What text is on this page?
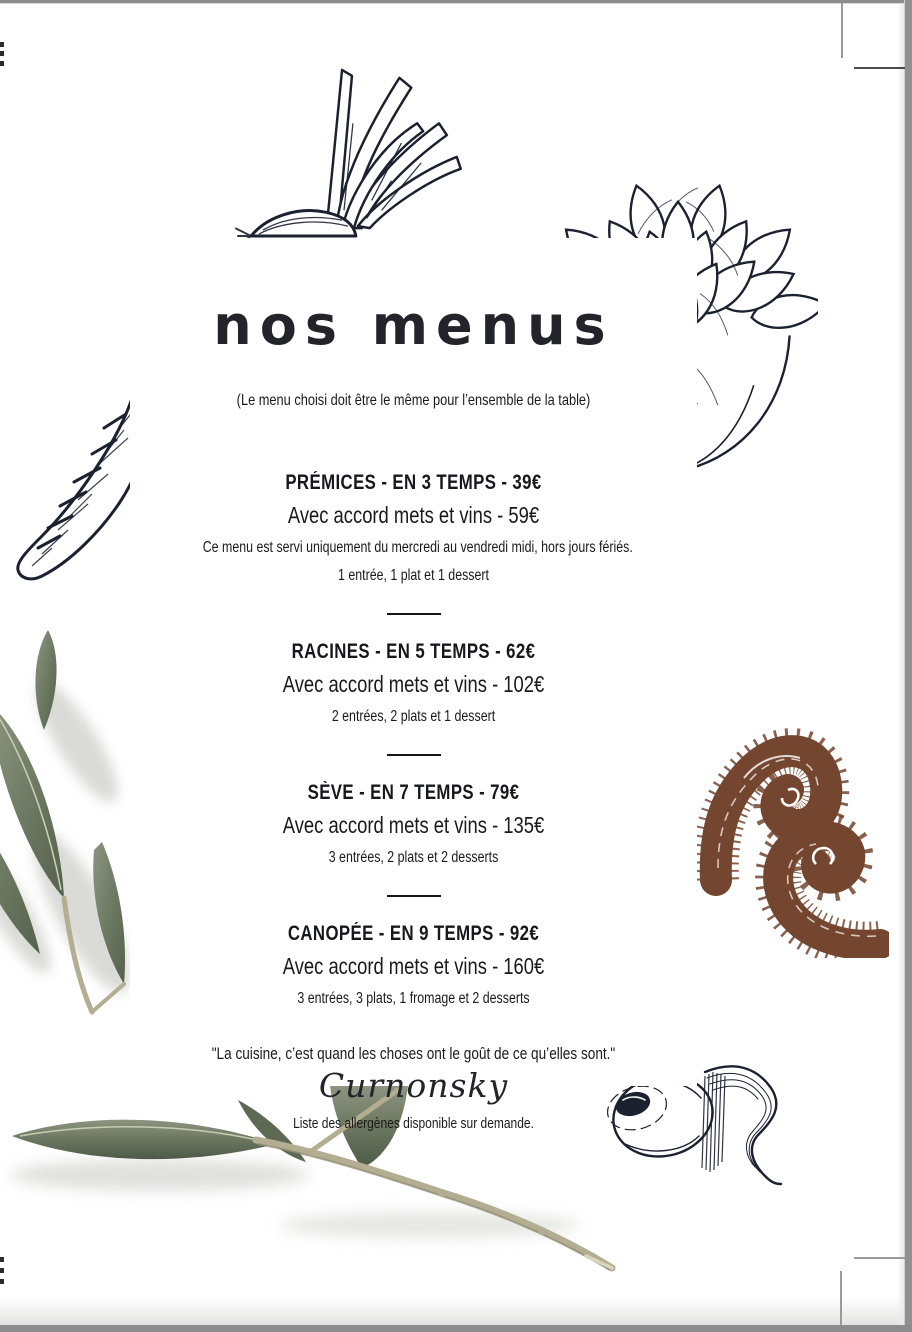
nos menus
(Le menu choisi doit être le même pour l’ensemble de la table)
PRÉMICES - EN 3 TEMPS - 39€
Avec accord mets et vins - 59€
Ce menu est servi uniquement du mercredi au vendredi midi, hors jours fériés.
1 entrée, 1 plat et 1 dessert
RACINES - EN 5 TEMPS - 62€
Avec accord mets et vins - 102€
2 entrées, 2 plats et 1 dessert
SÈVE - EN 7 TEMPS - 79€
Avec accord mets et vins - 135€
3 entrées, 2 plats et 2 desserts
CANOPÉE - EN 9 TEMPS - 92€
Avec accord mets et vins - 160€
3 entrées, 3 plats, 1 fromage et 2 desserts
"La cuisine, c’est quand les choses ont le goût de ce qu’elles sont."
Curnonsky
Liste des allergènes disponible sur demande.
